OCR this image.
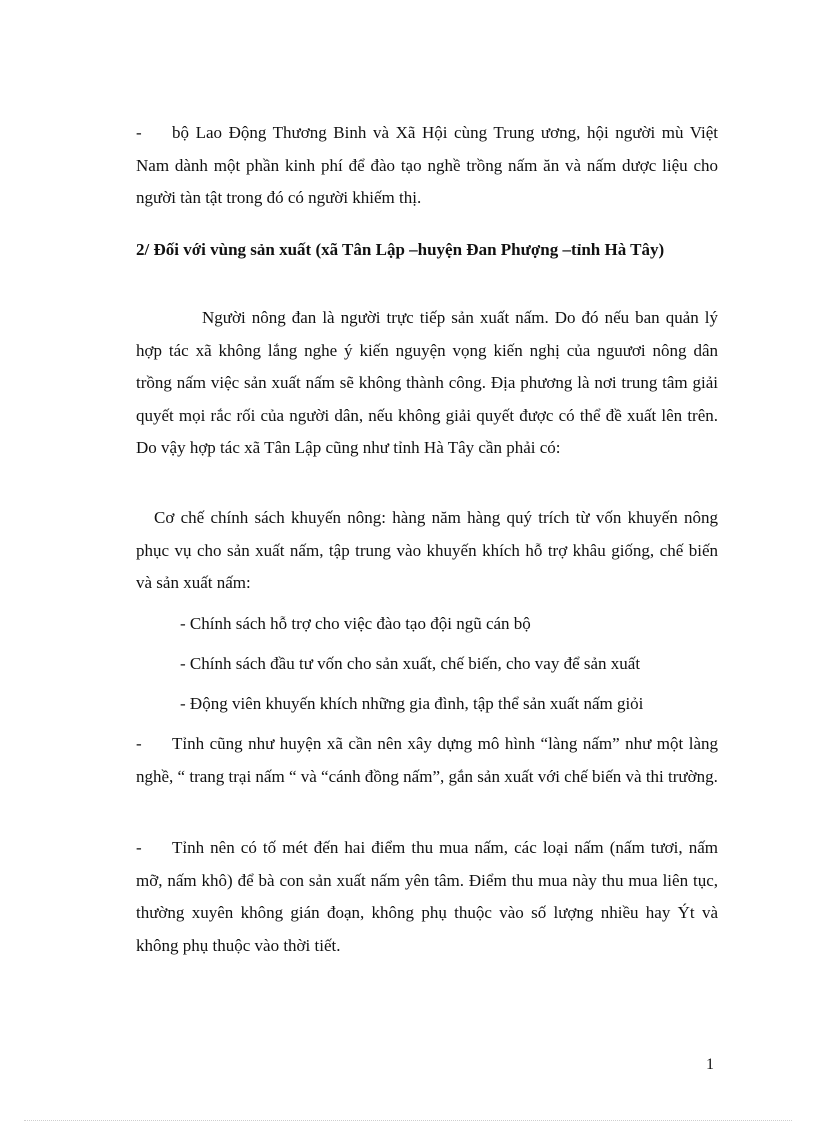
- bộ Lao Động Thương Binh và Xã Hội cùng Trung ương, hội người mù Việt Nam dành một phần kinh phí để đào tạo nghề trồng nấm ăn và nấm dược liệu cho người tàn tật trong đó có người khiếm thị.

2/ Đối với vùng sản xuất (xã Tân Lập –huyện Đan Phượng –tỉnh Hà Tây)

Người nông đan là người trực tiếp sản xuất nấm. Do đó nếu ban quản lý hợp tác xã không lắng nghe ý kiến nguyện vọng kiến nghị của nguươi nông dân trồng nấm việc sản xuất nấm sẽ không thành công. Địa phương là nơi trung tâm giải quyết mọi rắc rối của người dân, nếu không giải quyết được có thể đề xuất lên trên. Do vậy hợp tác xã Tân Lập cũng như tỉnh Hà Tây cần phải có:

Cơ chế chính sách khuyến nông: hàng năm hàng quý trích từ vốn khuyến nông phục vụ cho sản xuất nấm, tập trung vào khuyến khích hỗ trợ khâu giống, chế biến và sản xuất nấm:

- Chính sách hỗ trợ cho việc đào tạo đội ngũ cán bộ

- Chính sách đầu tư vốn cho sản xuất, chế biến, cho vay để sản xuất

- Động viên khuyến khích những gia đình, tập thể sản xuất nấm giỏi

- Tỉnh cũng như huyện xã cần nên xây dựng mô hình “làng nấm” như một làng nghề, “ trang trại nấm “ và “cánh đồng nấm”, gắn sản xuất với chế biến và thi trường.

- Tỉnh nên có tố mét đến hai điểm thu mua nấm, các loại nấm (nấm tươi, nấm mỡ, nấm khô) để bà con sản xuất nấm yên tâm. Điểm thu mua này thu mua liên tục, thường xuyên không gián đoạn, không phụ thuộc vào số lượng nhiều hay Ýt và không phụ thuộc vào thời tiết.

1
